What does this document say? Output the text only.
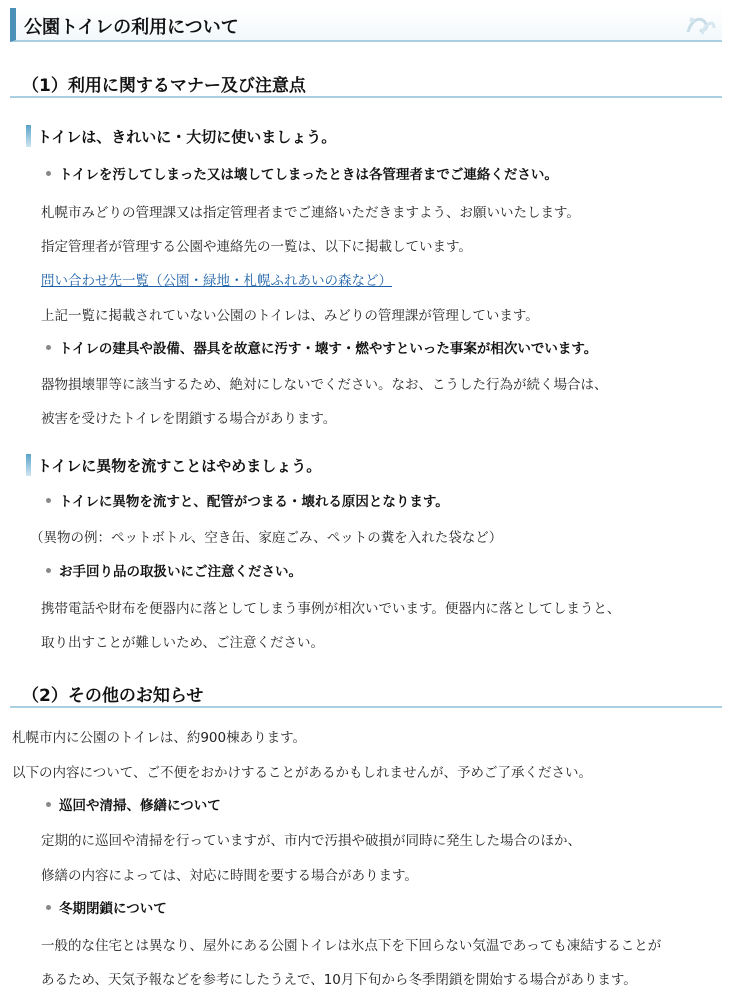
公園トイレの利用について
（1）利用に関するマナー及び注意点
トイレは、きれいに・大切に使いましょう。
トイレを汚してしまった又は壊してしまったときは各管理者までご連絡ください。
札幌市みどりの管理課又は指定管理者までご連絡いただきますよう、お願いいたします。
指定管理者が管理する公園や連絡先の一覧は、以下に掲載しています。
問い合わせ先一覧（公園・緑地・札幌ふれあいの森など）
上記一覧に掲載されていない公園のトイレは、みどりの管理課が管理しています。
トイレの建具や設備、器具を故意に汚す・壊す・燃やすといった事案が相次いでいます。
器物損壊罪等に該当するため、絶対にしないでください。なお、こうした行為が続く場合は、
被害を受けたトイレを閉鎖する場合があります。
トイレに異物を流すことはやめましょう。
トイレに異物を流すと、配管がつまる・壊れる原因となります。
（異物の例：ペットボトル、空き缶、家庭ごみ、ペットの糞を入れた袋など）
お手回り品の取扱いにご注意ください。
携帯電話や財布を便器内に落としてしまう事例が相次いでいます。便器内に落としてしまうと、
取り出すことが難しいため、ご注意ください。
（2）その他のお知らせ
札幌市内に公園のトイレは、約900棟あります。
以下の内容について、ご不便をおかけすることがあるかもしれませんが、予めご了承ください。
巡回や清掃、修繕について
定期的に巡回や清掃を行っていますが、市内で汚損や破損が同時に発生した場合のほか、
修繕の内容によっては、対応に時間を要する場合があります。
冬期閉鎖について
一般的な住宅とは異なり、屋外にある公園トイレは氷点下を下回らない気温であっても凍結することが
あるため、天気予報などを参考にしたうえで、10月下旬から冬季閉鎖を開始する場合があります。
